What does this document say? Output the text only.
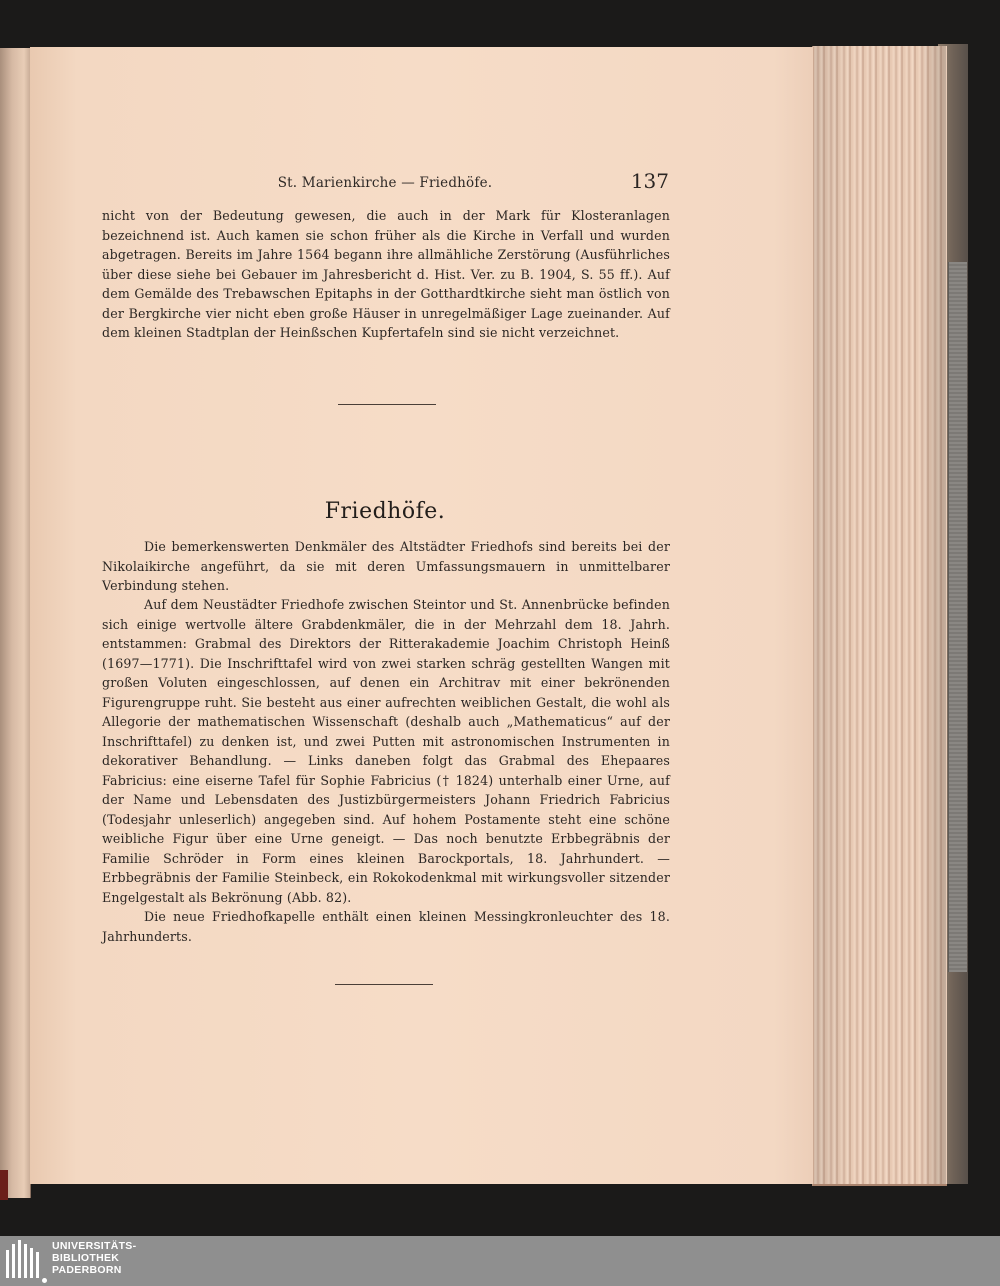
St. Marienkirche — Friedhöfe.	137

nicht von der Bedeutung gewesen, die auch in der Mark für Klosteranlagen bezeichnend ist. Auch kamen sie schon früher als die Kirche in Verfall und wurden abgetragen. Bereits im Jahre 1564 begann ihre allmähliche Zerstörung (Ausführliches über diese siehe bei Gebauer im Jahresbericht d. Hist. Ver. zu B. 1904, S. 55 ff.). Auf dem Gemälde des Trebawschen Epitaphs in der Gotthardtkirche sieht man östlich von der Bergkirche vier nicht eben große Häuser in unregelmäßiger Lage zueinander. Auf dem kleinen Stadtplan der Heinßschen Kupfertafeln sind sie nicht verzeichnet.

Friedhöfe.

Die bemerkenswerten Denkmäler des Altstädter Friedhofs sind bereits bei der Nikolaikirche angeführt, da sie mit deren Umfassungsmauern in unmittelbarer Verbindung stehen.

Auf dem Neustädter Friedhofe zwischen Steintor und St. Annenbrücke befinden sich einige wertvolle ältere Grabdenkmäler, die in der Mehrzahl dem 18. Jahrh. entstammen: Grabmal des Direktors der Ritterakademie Joachim Christoph Heinß (1697—1771). Die Inschrifttafel wird von zwei starken schräg gestellten Wangen mit großen Voluten eingeschlossen, auf denen ein Architrav mit einer bekrönenden Figurengruppe ruht. Sie besteht aus einer aufrechten weiblichen Gestalt, die wohl als Allegorie der mathematischen Wissenschaft (deshalb auch „Mathematicus“ auf der Inschrifttafel) zu denken ist, und zwei Putten mit astronomischen Instrumenten in dekorativer Behandlung. — Links daneben folgt das Grabmal des Ehepaares Fabricius: eine eiserne Tafel für Sophie Fabricius († 1824) unterhalb einer Urne, auf der Name und Lebensdaten des Justizbürgermeisters Johann Friedrich Fabricius (Todesjahr unleserlich) angegeben sind. Auf hohem Postamente steht eine schöne weibliche Figur über eine Urne geneigt. — Das noch benutzte Erbbegräbnis der Familie Schröder in Form eines kleinen Barockportals, 18. Jahrhundert. — Erbbegräbnis der Familie Steinbeck, ein Rokokodenkmal mit wirkungsvoller sitzender Engelgestalt als Bekrönung (Abb. 82).

Die neue Friedhofkapelle enthält einen kleinen Messingkronleuchter des 18. Jahrhunderts.

UNIVERSITÄTS-
BIBLIOTHEK
PADERBORN
